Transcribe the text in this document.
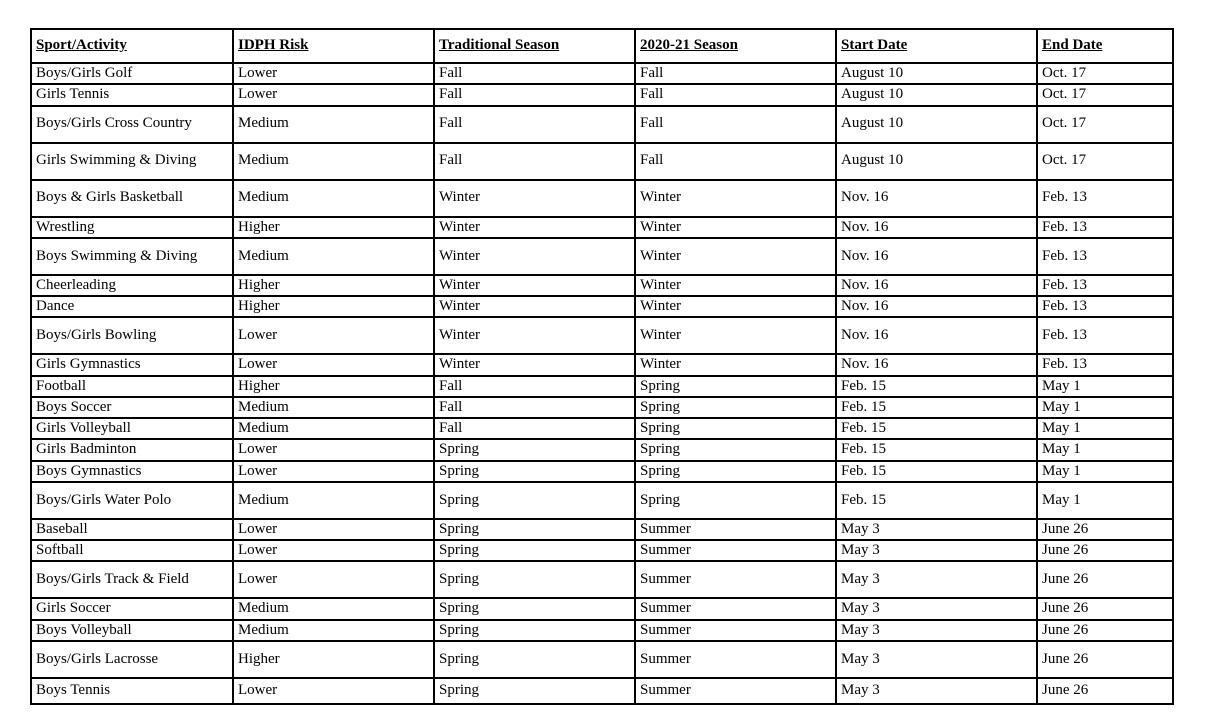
Sport/Activity	IDPH Risk	Traditional Season	2020-21 Season	Start Date	End Date
Boys/Girls Golf	Lower	Fall	Fall	August 10	Oct. 17
Girls Tennis	Lower	Fall	Fall	August 10	Oct. 17
Boys/Girls Cross Country	Medium	Fall	Fall	August 10	Oct. 17
Girls Swimming & Diving	Medium	Fall	Fall	August 10	Oct. 17
Boys & Girls Basketball	Medium	Winter	Winter	Nov. 16	Feb. 13
Wrestling	Higher	Winter	Winter	Nov. 16	Feb. 13
Boys Swimming & Diving	Medium	Winter	Winter	Nov. 16	Feb. 13
Cheerleading	Higher	Winter	Winter	Nov. 16	Feb. 13
Dance	Higher	Winter	Winter	Nov. 16	Feb. 13
Boys/Girls Bowling	Lower	Winter	Winter	Nov. 16	Feb. 13
Girls Gymnastics	Lower	Winter	Winter	Nov. 16	Feb. 13
Football	Higher	Fall	Spring	Feb. 15	May 1
Boys Soccer	Medium	Fall	Spring	Feb. 15	May 1
Girls Volleyball	Medium	Fall	Spring	Feb. 15	May 1
Girls Badminton	Lower	Spring	Spring	Feb. 15	May 1
Boys Gymnastics	Lower	Spring	Spring	Feb. 15	May 1
Boys/Girls Water Polo	Medium	Spring	Spring	Feb. 15	May 1
Baseball	Lower	Spring	Summer	May 3	June 26
Softball	Lower	Spring	Summer	May 3	June 26
Boys/Girls Track & Field	Lower	Spring	Summer	May 3	June 26
Girls Soccer	Medium	Spring	Summer	May 3	June 26
Boys Volleyball	Medium	Spring	Summer	May 3	June 26
Boys/Girls Lacrosse	Higher	Spring	Summer	May 3	June 26
Boys Tennis	Lower	Spring	Summer	May 3	June 26
